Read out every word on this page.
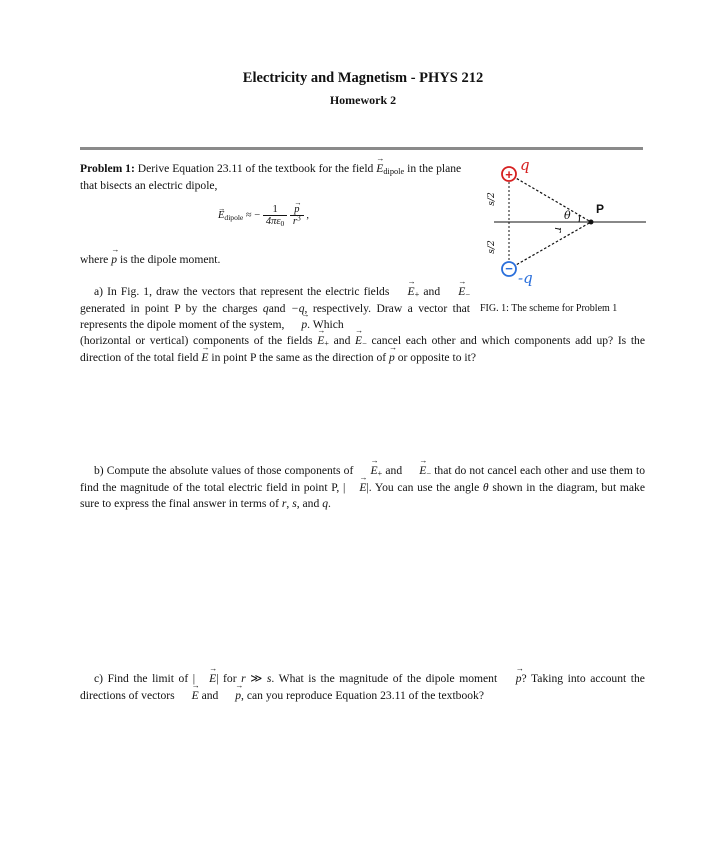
Electricity and Magnetism - PHYS 212
Homework 2
Problem 1: Derive Equation 23.11 of the textbook for the field → $E_{dipole}$ in the plane that bisects an electric dipole,
→ $E_{dipole}$ ≈ − $\frac{1}{4\pi\varepsilon_0}$
→ $\frac{p}{r^3}$ ,
where → p is the dipole moment.
a) In Fig. 1, draw the vectors that represent the electric fields → $E_+$ and → $E_-$ generated in point P by the charges qand −q, respectively. Draw a vector that represents the dipole moment of the system, → p. Which
(horizontal or vertical) components of the fields → $E_+$ and → $E_-$ cancel each other and which components add up? Is the direction of the total field → E in point P the same as the direction of → p or opposite to it?
+
−
q
-q
θ P
r
s/2
s/2
FIG. 1: The scheme for Problem 1
b) Compute the absolute values of those components of → $E_+$ and → $E_-$ that do not cancel each other and use them to find the magnitude of the total electric field in point P, | → E|. You can use the angle θ shown in the diagram, but make sure to express the final answer in terms of r, s, and q.
c) Find the limit of | → E| for r ≫ s. What is the magnitude of the dipole moment → p? Taking into account the directions of vectors → E and → p, can you reproduce Equation 23.11 of the textbook?
